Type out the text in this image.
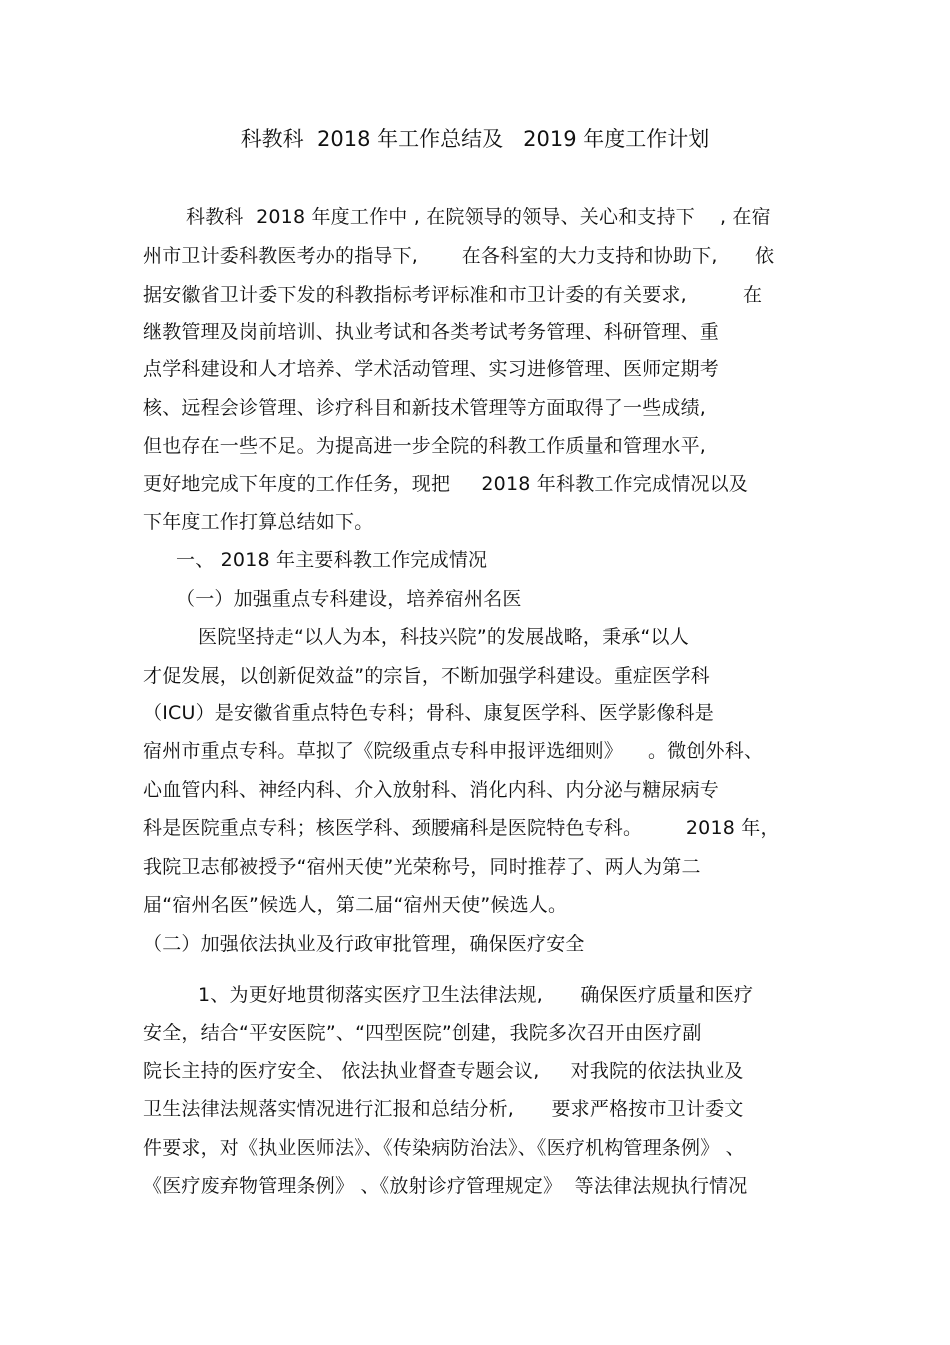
科教科  2018 年工作总结及   2019 年度工作计划
科教科  2018 年度工作中 , 在院领导的领导、关心和支持下    , 在宿
州市卫计委科教医考办的指导下,       在各科室的大力支持和协助下,      依
据安徽省卫计委下发的科教指标考评标准和市卫计委的有关要求,         在
继教管理及岗前培训、执业考试和各类考试考务管理、科研管理、重
点学科建设和人才培养、学术活动管理、实习进修管理、医师定期考
核、远程会诊管理、诊疗科目和新技术管理等方面取得了一些成绩,
但也存在一些不足。为提高进一步全院的科教工作质量和管理水平,
更好地完成下年度的工作任务，现把     2018 年科教工作完成情况以及
下年度工作打算总结如下。
一、 2018 年主要科教工作完成情况
（一）加强重点专科建设，培养宿州名医
医院坚持走“以人为本，科技兴院”的发展战略，秉承“以人
才促发展，以创新促效益”的宗旨，不断加强学科建设。重症医学科
（ICU）是安徽省重点特色专科；骨科、康复医学科、医学影像科是
宿州市重点专科。草拟了《院级重点专科申报评选细则》    。微创外科、
心血管内科、神经内科、介入放射科、消化内科、内分泌与糖尿病专
科是医院重点专科；核医学科、颈腰痛科是医院特色专科。       2018 年，
我院卫志郁被授予“宿州天使”光荣称号，同时推荐了、两人为第二
届“宿州名医”候选人，第二届“宿州天使”候选人。
（二）加强依法执业及行政审批管理，确保医疗安全
1、为更好地贯彻落实医疗卫生法律法规,      确保医疗质量和医疗
安全，结合“平安医院”、“四型医院”创建，我院多次召开由医疗副
院长主持的医疗安全、 依法执业督查专题会议,     对我院的依法执业及
卫生法律法规落实情况进行汇报和总结分析,      要求严格按市卫计委文
件要求，对《执业医师法》、《传染病防治法》、《医疗机构管理条例》 、
《医疗废弃物管理条例》 、《放射诊疗管理规定》  等法律法规执行情况
